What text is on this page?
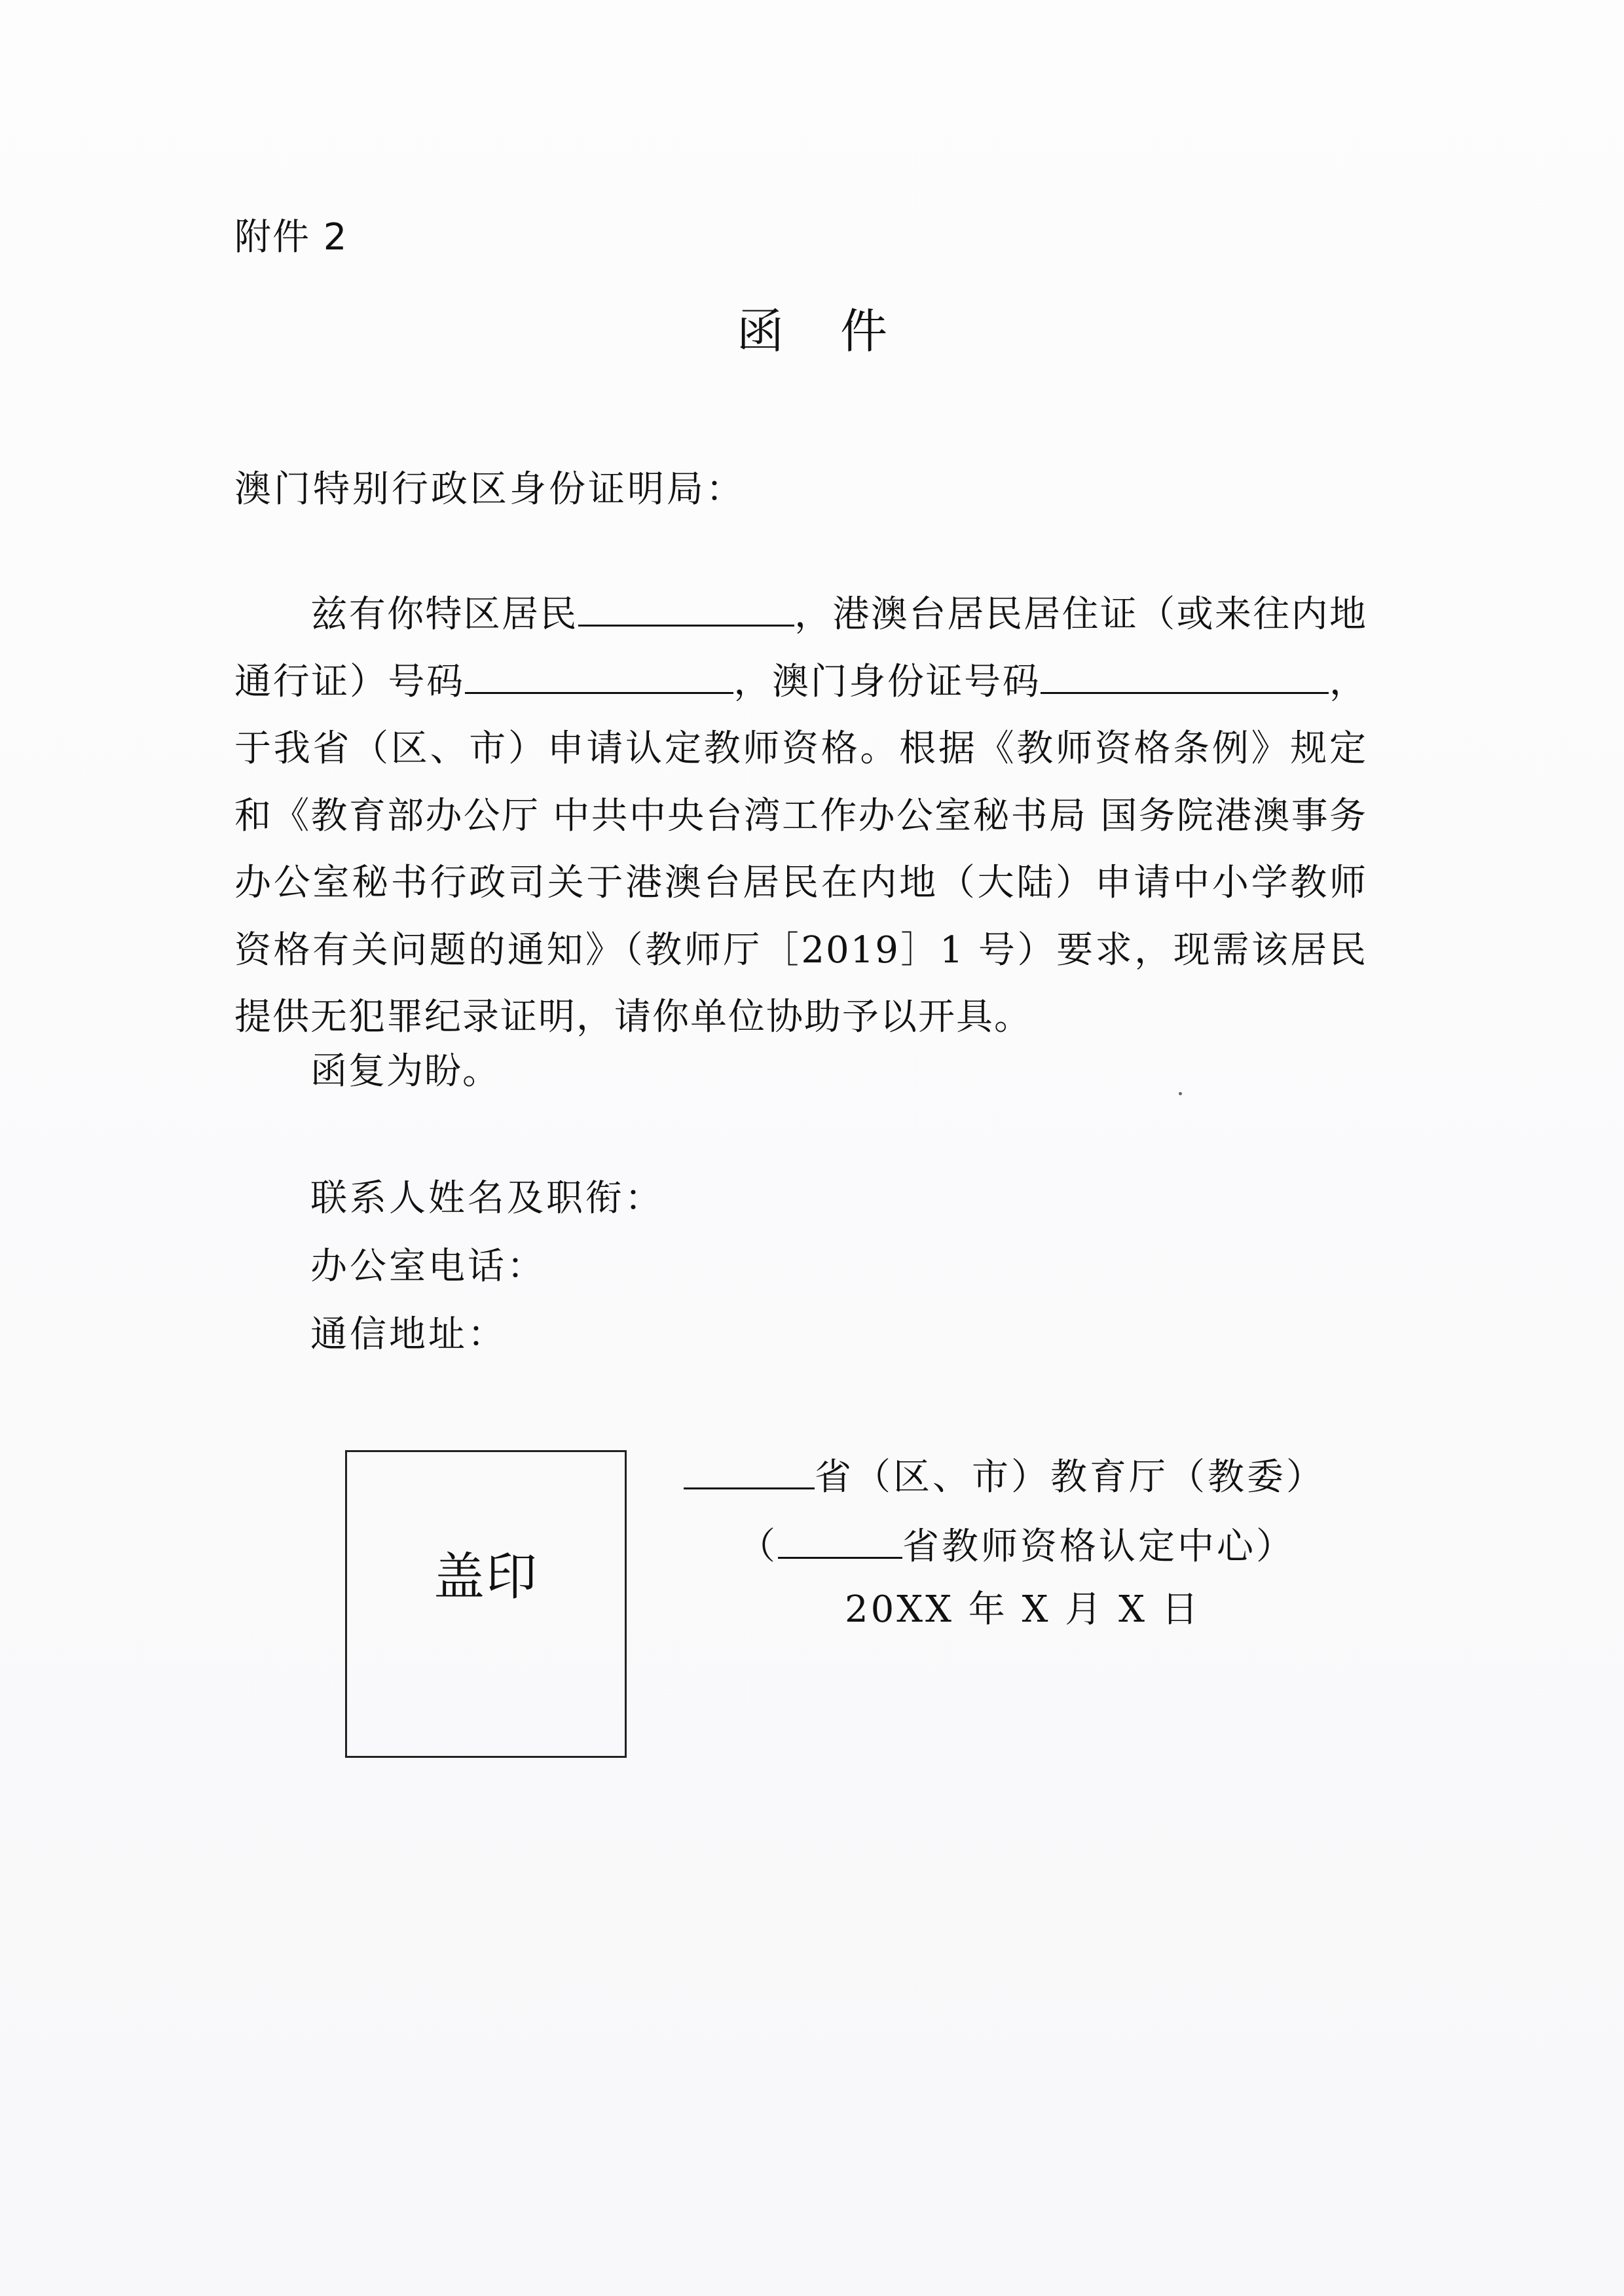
附件 2
函件
澳门特别行政区身份证明局：
兹有你特区居民	，港澳台居民居住证（或来往内地通行证）号码	，澳门身份证号码	，于我省（区、市）申请认定教师资格。根据《教师资格条例》规定和《教育部办公厅 中共中央台湾工作办公室秘书局 国务院港澳事务办公室秘书行政司关于港澳台居民在内地（大陆）申请中小学教师资格有关问题的通知》（教师厅［2019］1 号）要求，现需该居民提供无犯罪纪录证明，请你单位协助予以开具。
函复为盼。
联系人姓名及职衔：
办公室电话：
通信地址：
盖印
省（区、市）教育厅（教委）
（	省教师资格认定中心）
20XX 年 X 月 X 日
